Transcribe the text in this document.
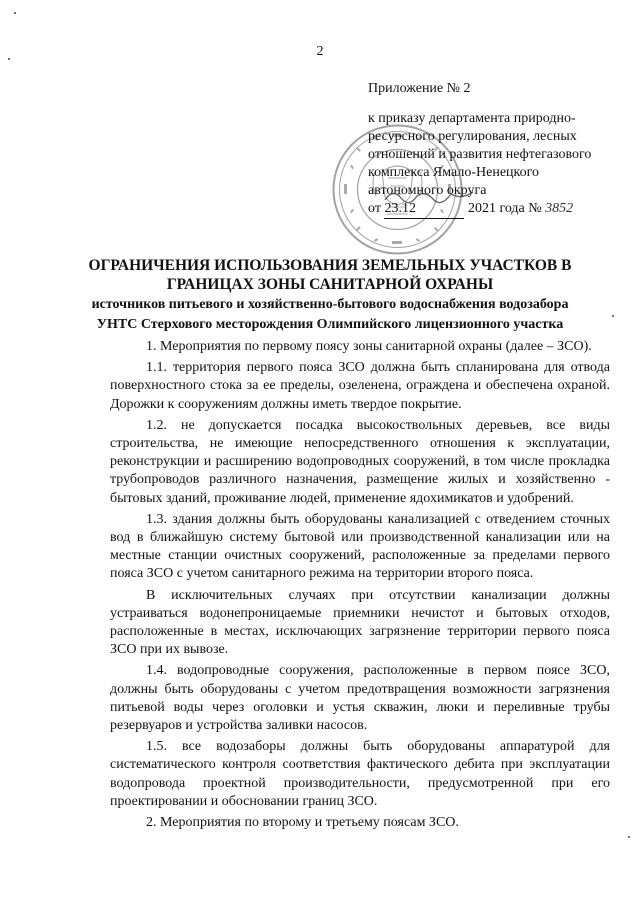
2
Приложение № 2
к приказу департамента природно-
ресурсного регулирования, лесных
отношений и развития нефтегазового
комплекса Ямало-Ненецкого
автономного округа
от 23.12	2021 года № 3852
ОГРАНИЧЕНИЯ ИСПОЛЬЗОВАНИЯ ЗЕМЕЛЬНЫХ УЧАСТКОВ В
ГРАНИЦАХ ЗОНЫ САНИТАРНОЙ ОХРАНЫ
источников питьевого и хозяйственно-бытового водоснабжения водозабора
УНТС Стерхового месторождения Олимпийского лицензионного участка

1. Мероприятия по первому поясу зоны санитарной охраны (далее – ЗСО).

1.1. территория первого пояса ЗСО должна быть спланирована для отвода поверхностного стока за ее пределы, озеленена, ограждена и обеспечена охраной. Дорожки к сооружениям должны иметь твердое покрытие.

1.2. не допускается посадка высокоствольных деревьев, все виды строительства, не имеющие непосредственного отношения к эксплуатации, реконструкции и расширению водопроводных сооружений, в том числе прокладка трубопроводов различного назначения, размещение жилых и хозяйственно - бытовых зданий, проживание людей, применение ядохимикатов и удобрений.

1.3. здания должны быть оборудованы канализацией с отведением сточных вод в ближайшую систему бытовой или производственной канализации или на местные станции очистных сооружений, расположенные за пределами первого пояса ЗСО с учетом санитарного режима на территории второго пояса.

В исключительных случаях при отсутствии канализации должны устраиваться водонепроницаемые приемники нечистот и бытовых отходов, расположенные в местах, исключающих загрязнение территории первого пояса ЗСО при их вывозе.

1.4. водопроводные сооружения, расположенные в первом поясе ЗСО, должны быть оборудованы с учетом предотвращения возможности загрязнения питьевой воды через оголовки и устья скважин, люки и переливные трубы резервуаров и устройства заливки насосов.

1.5. все водозаборы должны быть оборудованы аппаратурой для систематического контроля соответствия фактического дебита при эксплуатации водопровода проектной производительности, предусмотренной при его проектировании и обосновании границ ЗСО.

2. Мероприятия по второму и третьему поясам ЗСО.
